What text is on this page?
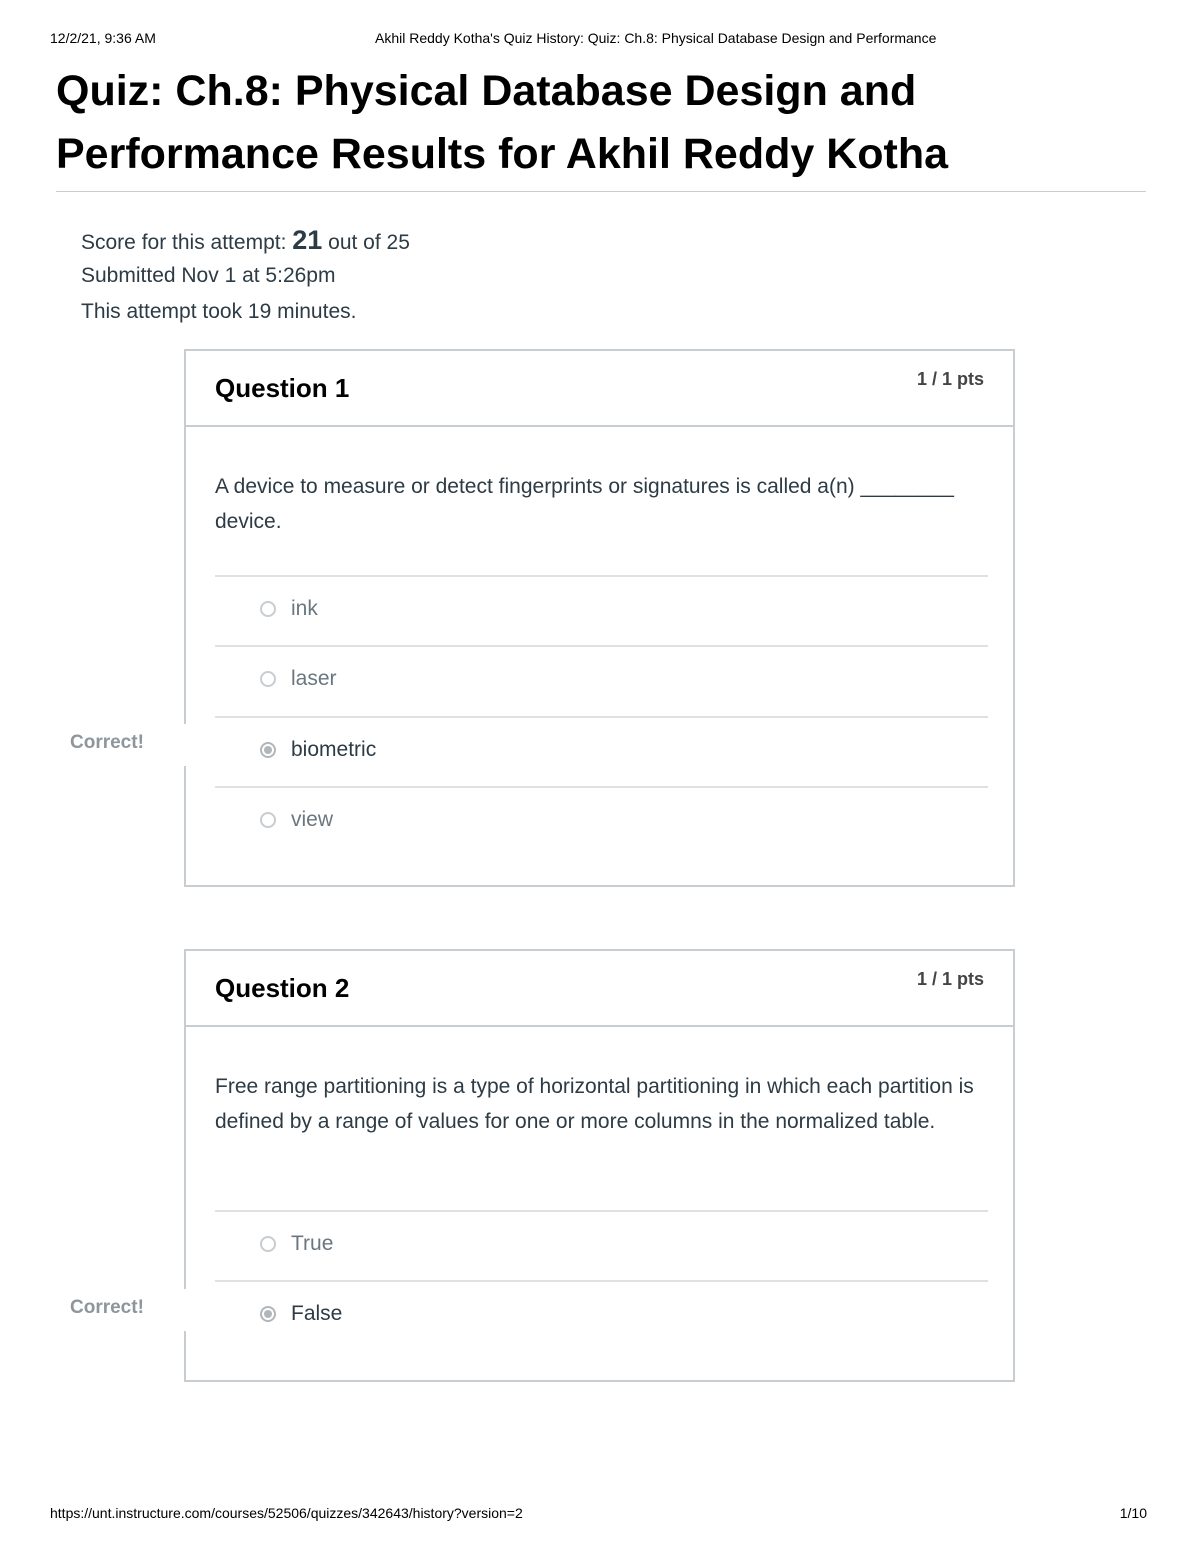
12/2/21, 9:36 AM	Akhil Reddy Kotha's Quiz History: Quiz: Ch.8: Physical Database Design and Performance
Quiz: Ch.8: Physical Database Design and Performance Results for Akhil Reddy Kotha
Score for this attempt: 21 out of 25
Submitted Nov 1 at 5:26pm
This attempt took 19 minutes.
Question 1	1 / 1 pts
A device to measure or detect fingerprints or signatures is called a(n) ________ device.
ink
laser
biometric
view
Correct!
Question 2	1 / 1 pts
Free range partitioning is a type of horizontal partitioning in which each partition is defined by a range of values for one or more columns in the normalized table.
True
False
Correct!
https://unt.instructure.com/courses/52506/quizzes/342643/history?version=2	1/10
